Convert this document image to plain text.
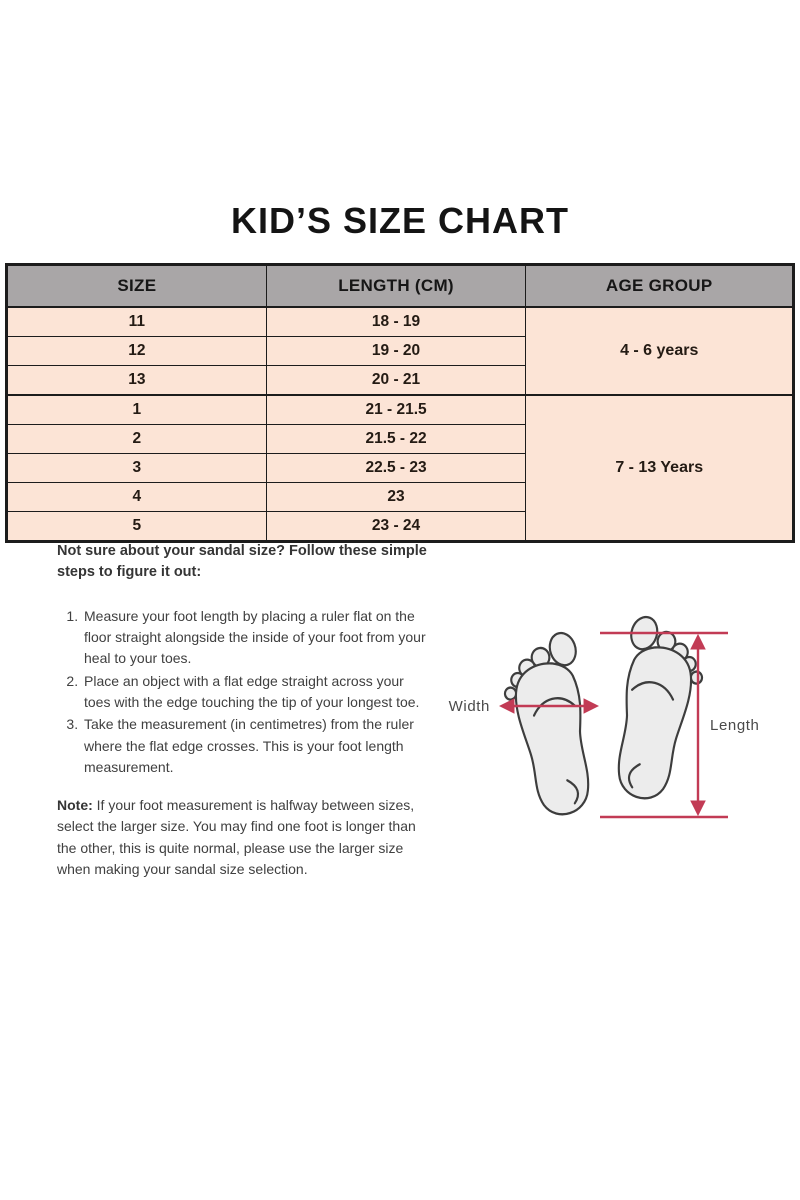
KID’S SIZE CHART
SIZE	LENGTH (CM)	AGE GROUP
11	18 - 19	4 - 6 years
12	19 - 20	
13	20 - 21	
1	21 - 21.5	7 - 13 Years
2	21.5 - 22	
3	22.5 - 23	
4	23	
5	23 - 24	
Not sure about your sandal size? Follow these simple steps to figure it out:
1. Measure your foot length by placing a ruler flat on the floor straight alongside the inside of your foot from your heal to your toes.
2. Place an object with a flat edge straight across your toes with the edge touching the tip of your longest toe.
3. Take the measurement (in centimetres) from the ruler where the flat edge crosses. This is your foot length measurement.
Note: If your foot measurement is halfway between sizes, select the larger size. You may find one foot is longer than the other, this is quite normal, please use the larger size when making your sandal size selection.
Width
Length
